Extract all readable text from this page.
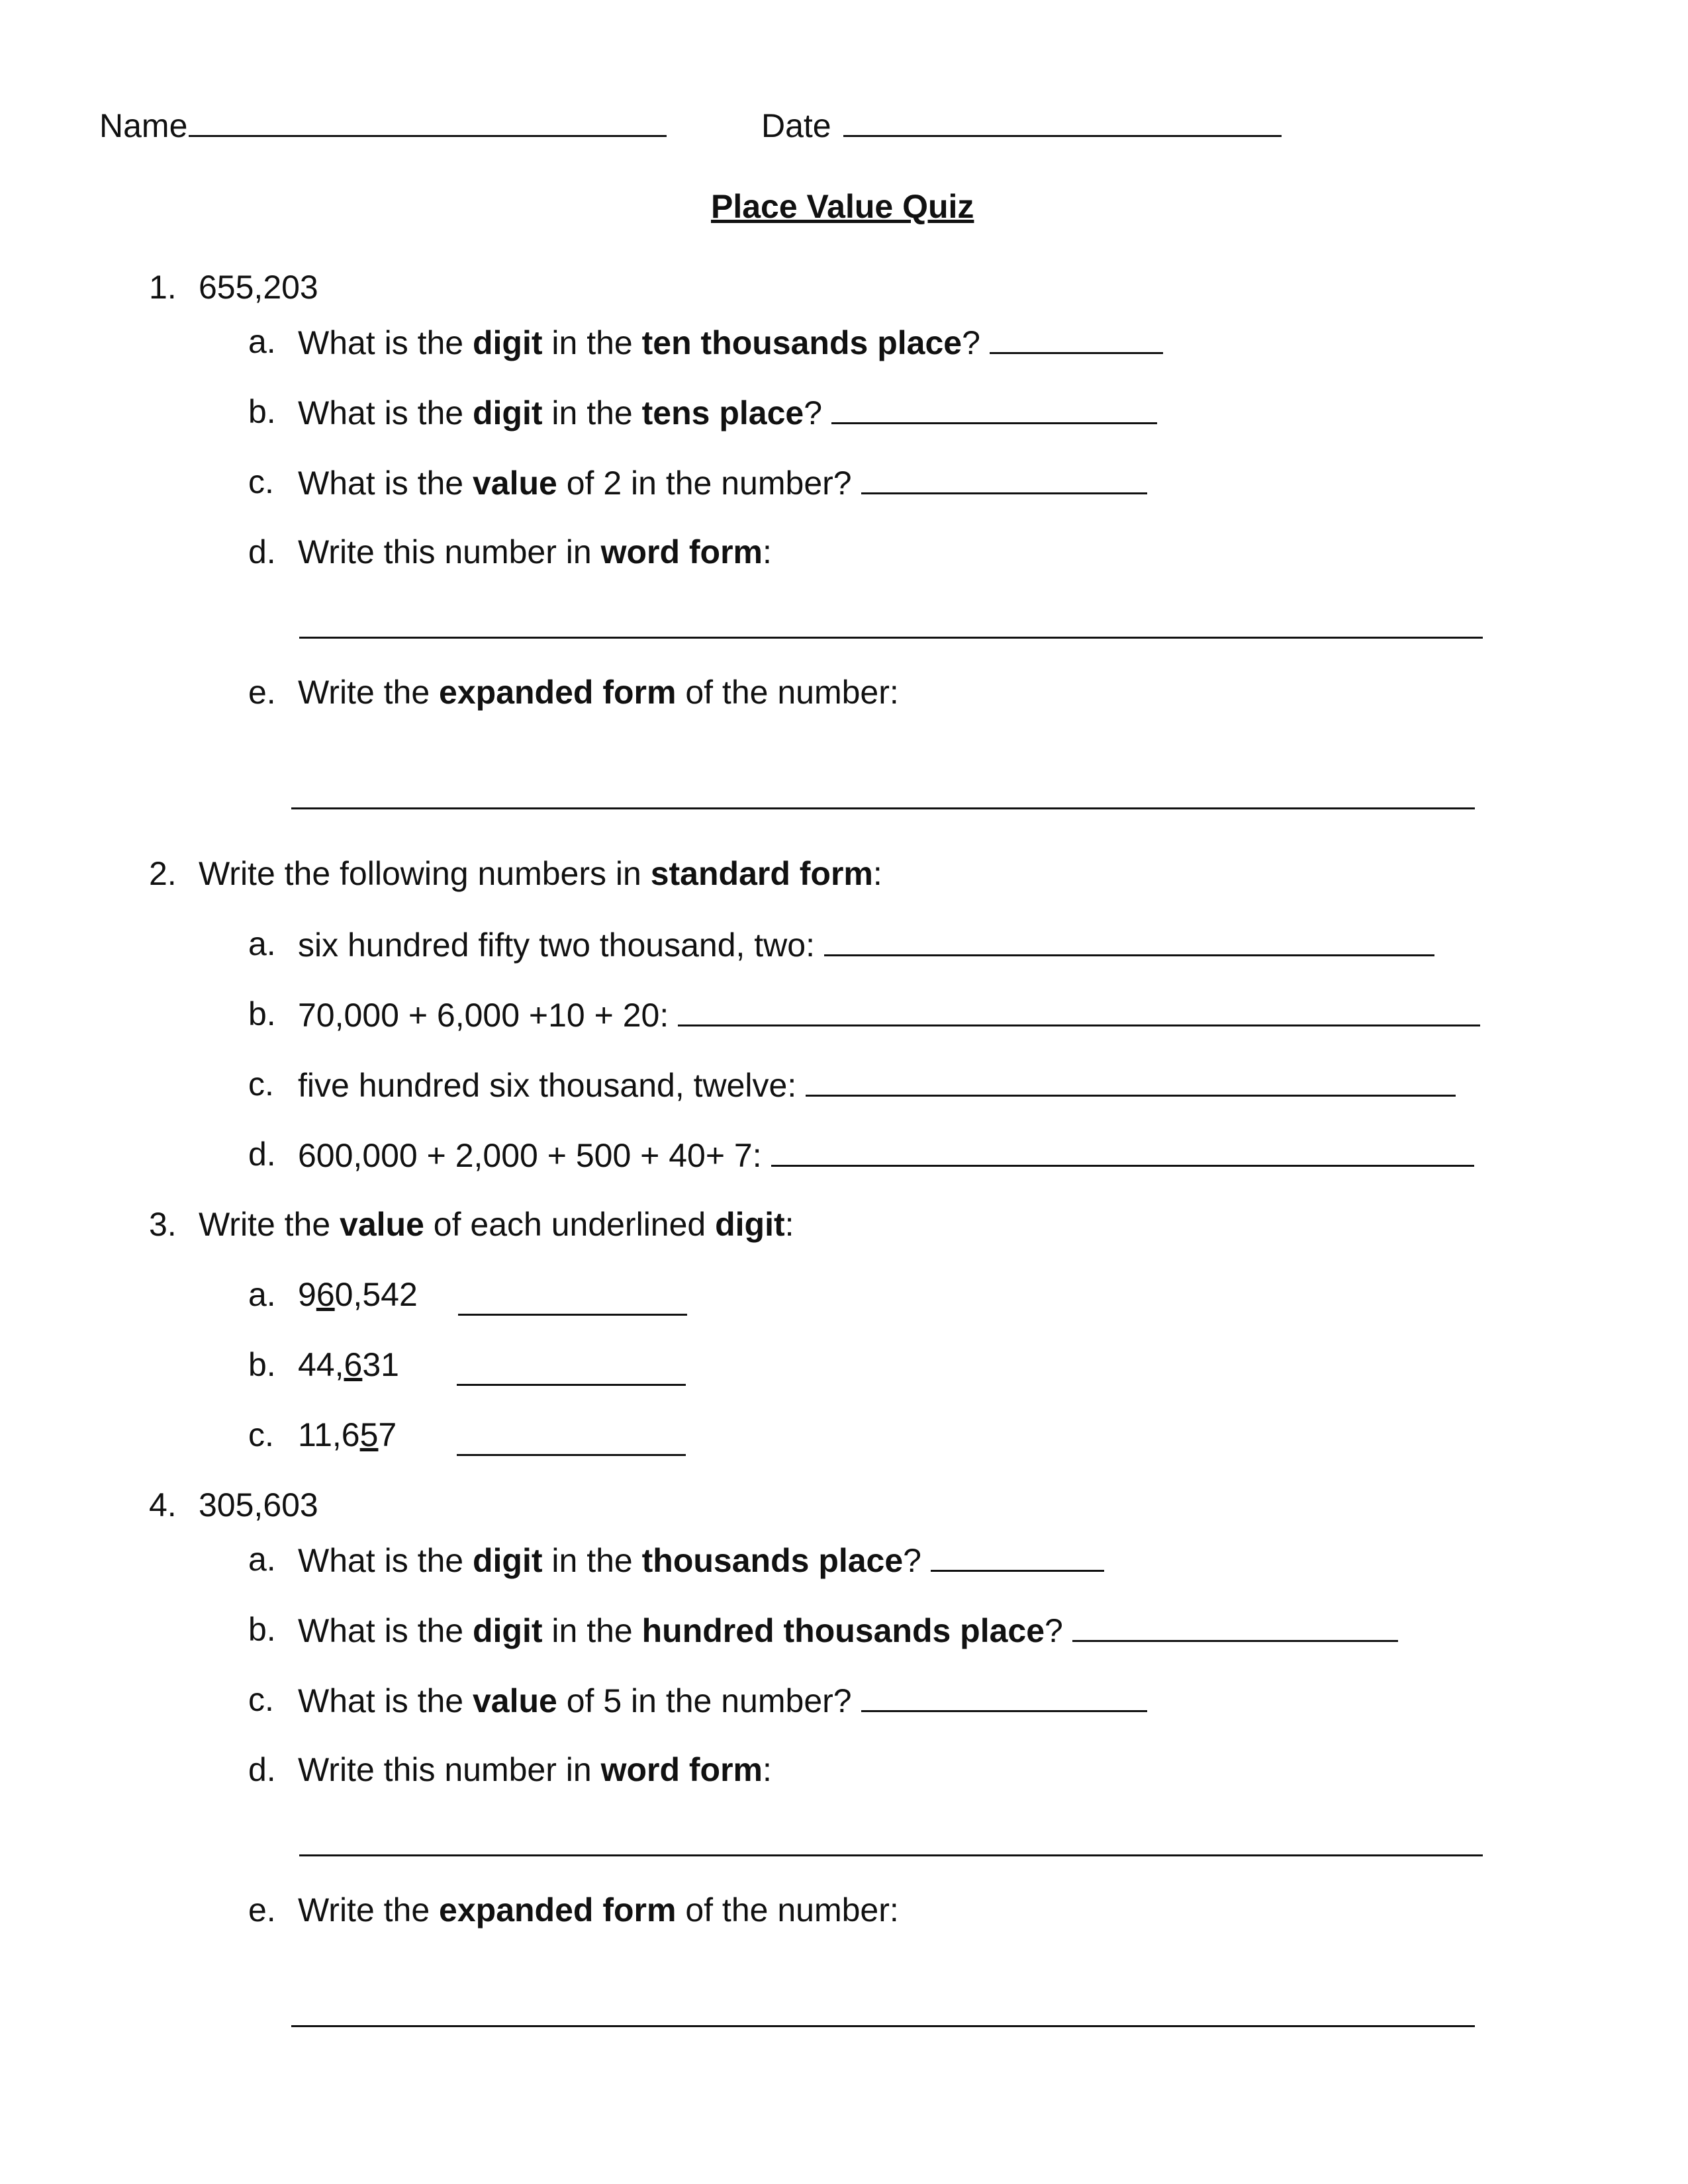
Name	Date
Place Value Quiz
1. 655,203
a. What is the digit in the ten thousands place?
b. What is the digit in the tens place?
c. What is the value of 2 in the number?
d. Write this number in word form:
e. Write the expanded form of the number:
2. Write the following numbers in standard form:
a. six hundred fifty two thousand, two:
b. 70,000 + 6,000 +10 + 20:
c. five hundred six thousand, twelve:
d. 600,000 + 2,000 + 500 + 40+ 7:
3. Write the value of each underlined digit:
a. 960,542
b. 44,631
c. 11,657
4. 305,603
a. What is the digit in the thousands place?
b. What is the digit in the hundred thousands place?
c. What is the value of 5 in the number?
d. Write this number in word form:
e. Write the expanded form of the number:
